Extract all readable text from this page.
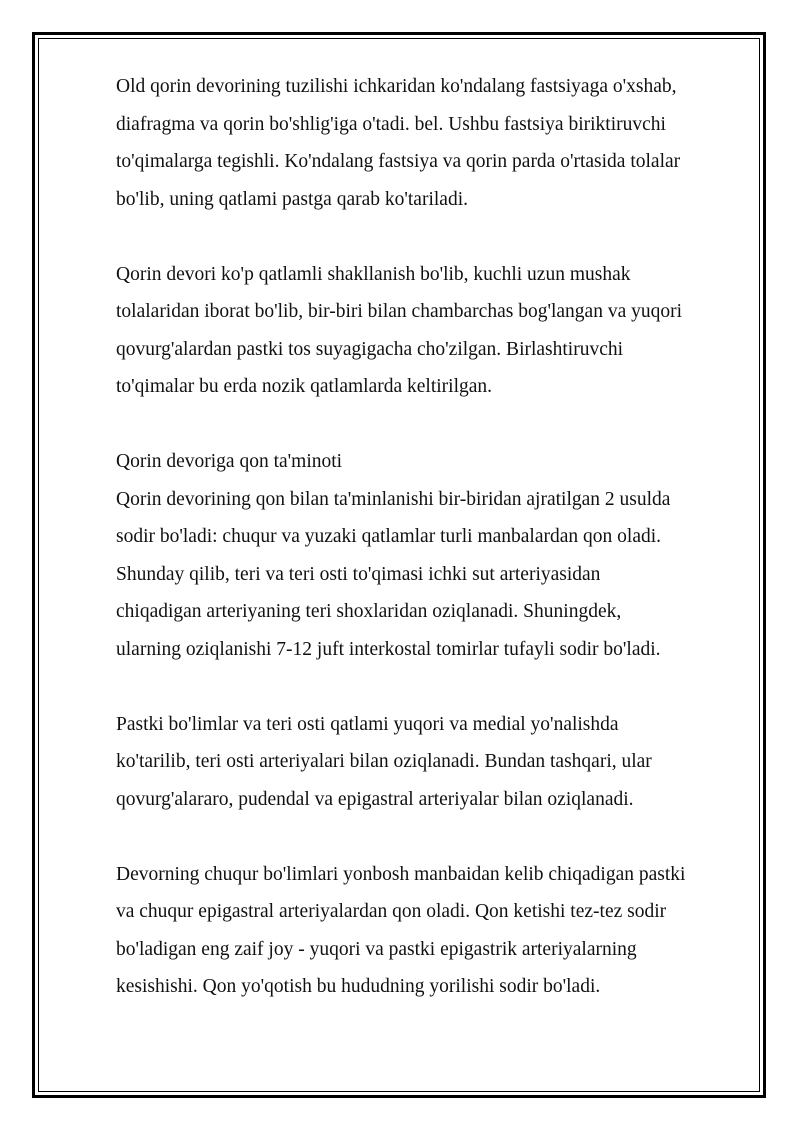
Old qorin devorining tuzilishi ichkaridan ko'ndalang fastsiyaga o'xshab,
diafragma va qorin bo'shlig'iga o'tadi. bel. Ushbu fastsiya biriktiruvchi
to'qimalarga tegishli. Ko'ndalang fastsiya va qorin parda o'rtasida tolalar
bo'lib, uning qatlami pastga qarab ko'tariladi.
Qorin devori ko'p qatlamli shakllanish bo'lib, kuchli uzun mushak
tolalaridan iborat bo'lib, bir-biri bilan chambarchas bog'langan va yuqori
qovurg'alardan pastki tos suyagigacha cho'zilgan. Birlashtiruvchi
to'qimalar bu erda nozik qatlamlarda keltirilgan.
Qorin devoriga qon ta'minoti
Qorin devorining qon bilan ta'minlanishi bir-biridan ajratilgan 2 usulda
sodir bo'ladi: chuqur va yuzaki qatlamlar turli manbalardan qon oladi.
Shunday qilib, teri va teri osti to'qimasi ichki sut arteriyasidan
chiqadigan arteriyaning teri shoxlaridan oziqlanadi. Shuningdek,
ularning oziqlanishi 7-12 juft interkostal tomirlar tufayli sodir bo'ladi.
Pastki bo'limlar va teri osti qatlami yuqori va medial yo'nalishda
ko'tarilib, teri osti arteriyalari bilan oziqlanadi. Bundan tashqari, ular
qovurg'alararo, pudendal va epigastral arteriyalar bilan oziqlanadi.
Devorning chuqur bo'limlari yonbosh manbaidan kelib chiqadigan pastki
va chuqur epigastral arteriyalardan qon oladi. Qon ketishi tez-tez sodir
bo'ladigan eng zaif joy - yuqori va pastki epigastrik arteriyalarning
kesishishi. Qon yo'qotish bu hududning yorilishi sodir bo'ladi.
